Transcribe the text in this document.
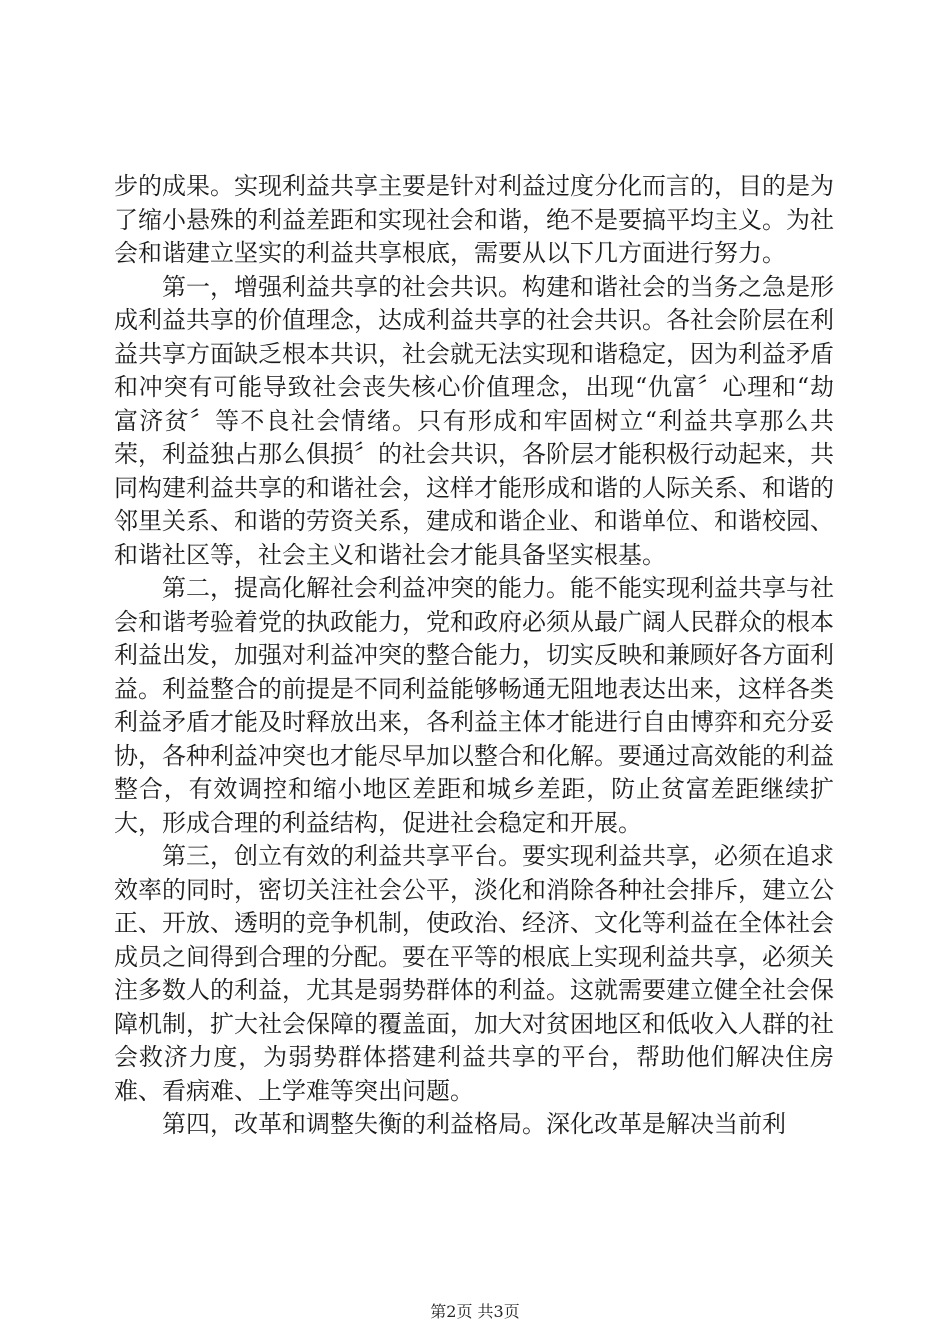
步的成果。实现利益共享主要是针对利益过度分化而言的，目的是为了缩小悬殊的利益差距和实现社会和谐，绝不是要搞平均主义。为社会和谐建立坚实的利益共享根底，需要从以下几方面进行努力。

第一，增强利益共享的社会共识。构建和谐社会的当务之急是形成利益共享的价值理念，达成利益共享的社会共识。各社会阶层在利益共享方面缺乏根本共识，社会就无法实现和谐稳定，因为利益矛盾和冲突有可能导致社会丧失核心价值理念，出现“仇富〞心理和“劫富济贫〞等不良社会情绪。只有形成和牢固树立“利益共享那么共荣，利益独占那么俱损〞的社会共识，各阶层才能积极行动起来，共同构建利益共享的和谐社会，这样才能形成和谐的人际关系、和谐的邻里关系、和谐的劳资关系，建成和谐企业、和谐单位、和谐校园、和谐社区等，社会主义和谐社会才能具备坚实根基。

第二，提高化解社会利益冲突的能力。能不能实现利益共享与社会和谐考验着党的执政能力，党和政府必须从最广阔人民群众的根本利益出发，加强对利益冲突的整合能力，切实反映和兼顾好各方面利益。利益整合的前提是不同利益能够畅通无阻地表达出来，这样各类利益矛盾才能及时释放出来，各利益主体才能进行自由博弈和充分妥协，各种利益冲突也才能尽早加以整合和化解。要通过高效能的利益整合，有效调控和缩小地区差距和城乡差距，防止贫富差距继续扩大，形成合理的利益结构，促进社会稳定和开展。

第三，创立有效的利益共享平台。要实现利益共享，必须在追求效率的同时，密切关注社会公平，淡化和消除各种社会排斥，建立公正、开放、透明的竞争机制，使政治、经济、文化等利益在全体社会成员之间得到合理的分配。要在平等的根底上实现利益共享，必须关注多数人的利益，尤其是弱势群体的利益。这就需要建立健全社会保障机制，扩大社会保障的覆盖面，加大对贫困地区和低收入人群的社会救济力度，为弱势群体搭建利益共享的平台，帮助他们解决住房难、看病难、上学难等突出问题。

第四，改革和调整失衡的利益格局。深化改革是解决当前利

第2页 共3页
